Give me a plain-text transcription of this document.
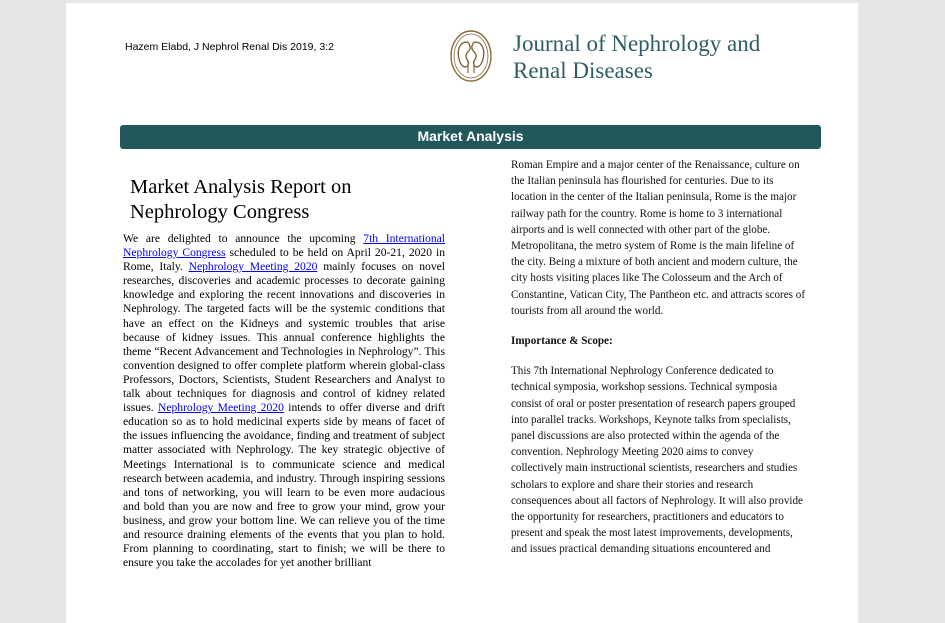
Hazem Elabd, J Nephrol Renal Dis 2019, 3:2	Journal of Nephrology and
Renal Diseases
Market Analysis
Market Analysis Report on
Nephrology Congress
We are delighted to announce the upcoming 7th International Nephrology Congress scheduled to be held on April 20-21, 2020 in Rome, Italy. Nephrology Meeting 2020 mainly focuses on novel researches, discoveries and academic processes to decorate gaining knowledge and exploring the recent innovations and discoveries in Nephrology. The targeted facts will be the systemic conditions that have an effect on the Kidneys and systemic troubles that arise because of kidney issues. This annual conference highlights the theme “Recent Advancement and Technologies in Nephrology”. This convention designed to offer complete platform wherein global-class Professors, Doctors, Scientists, Student Researchers and Analyst to talk about techniques for diagnosis and control of kidney related issues. Nephrology Meeting 2020 intends to offer diverse and drift education so as to hold medicinal experts side by means of facet of the issues influencing the avoidance, finding and treatment of subject matter associated with Nephrology. The key strategic objective of Meetings International is to communicate science and medical research between academia, and industry. Through inspiring sessions and tons of networking, you will learn to be even more audacious and bold than you are now and free to grow your mind, grow your business, and grow your bottom line. We can relieve you of the time and resource draining elements of the events that you plan to hold. From planning to coordinating, start to finish; we will be there to ensure you take the accolades for yet another brilliant

Roman Empire and a major center of the Renaissance, culture on the Italian peninsula has flourished for centuries. Due to its location in the center of the Italian peninsula, Rome is the major railway path for the country. Rome is home to 3 international airports and is well connected with other part of the globe. Metropolitana, the metro system of Rome is the main lifeline of the city. Being a mixture of both ancient and modern culture, the city hosts visiting places like The Colosseum and the Arch of Constantine, Vatican City, The Pantheon etc. and attracts scores of tourists from all around the world.

Importance & Scope:

This 7th International Nephrology Conference dedicated to technical symposia, workshop sessions. Technical symposia consist of oral or poster presentation of research papers grouped into parallel tracks. Workshops, Keynote talks from specialists, panel discussions are also protected within the agenda of the convention. Nephrology Meeting 2020 aims to convey collectively main instructional scientists, researchers and studies scholars to explore and share their stories and research consequences about all factors of Nephrology. It will also provide the opportunity for researchers, practitioners and educators to present and speak the most latest improvements, developments, and issues practical demanding situations encountered and
